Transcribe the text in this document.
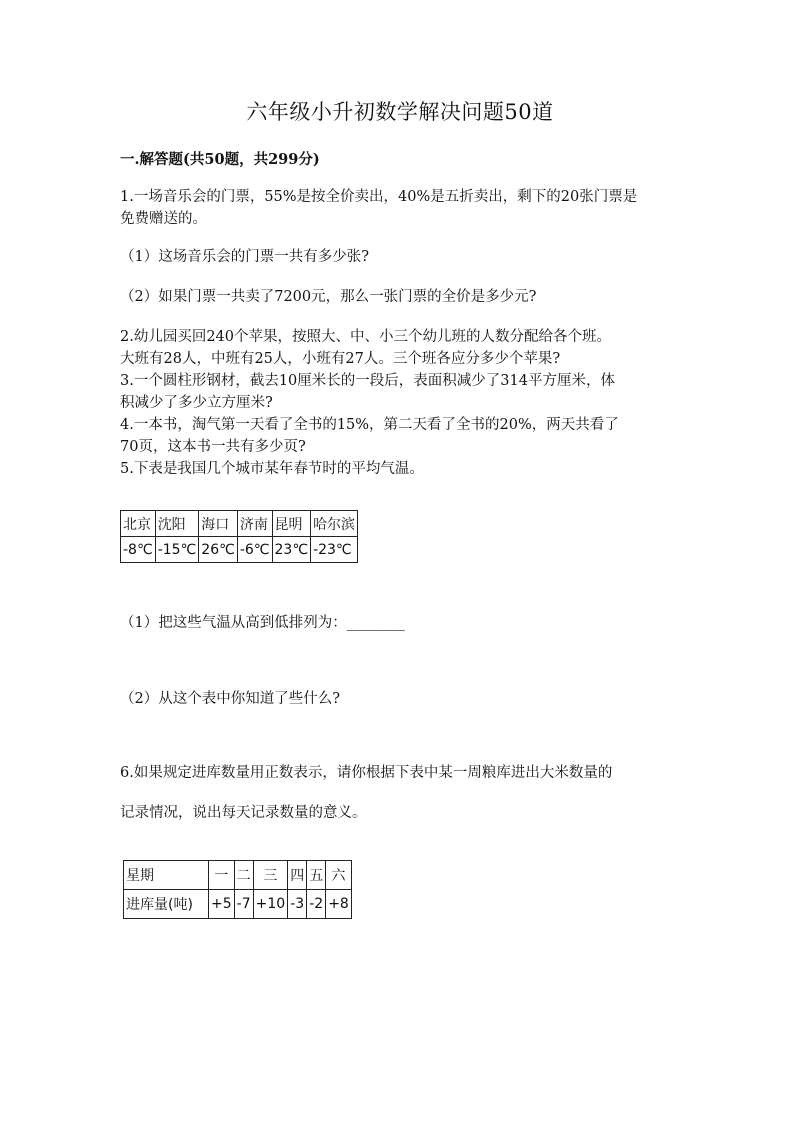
六年级小升初数学解决问题50道
一.解答题(共50题，共299分)
1.一场音乐会的门票，55%是按全价卖出，40%是五折卖出，剩下的20张门票是
免费赠送的。
（1）这场音乐会的门票一共有多少张?
（2）如果门票一共卖了7200元，那么一张门票的全价是多少元?
2.幼儿园买回240个苹果，按照大、中、小三个幼儿班的人数分配给各个班。
大班有28人，中班有25人，小班有27人。三个班各应分多少个苹果?
3.一个圆柱形钢材，截去10厘米长的一段后，表面积减少了314平方厘米，体
积减少了多少立方厘米?
4.一本书，淘气第一天看了全书的15%，第二天看了全书的20%，两天共看了
70页，这本书一共有多少页?
5.下表是我国几个城市某年春节时的平均气温。
北京	沈阳	海口	济南	昆明	哈尔滨
-8℃	-15℃	26℃	-6℃	23℃	-23℃
（1）把这些气温从高到低排列为：________
（2）从这个表中你知道了些什么?
6.如果规定进库数量用正数表示，请你根据下表中某一周粮库进出大米数量的
记录情况，说出每天记录数量的意义。
星期	一	二	三	四	五	六
进库量(吨)	+5	-7	+10	-3	-2	+8
